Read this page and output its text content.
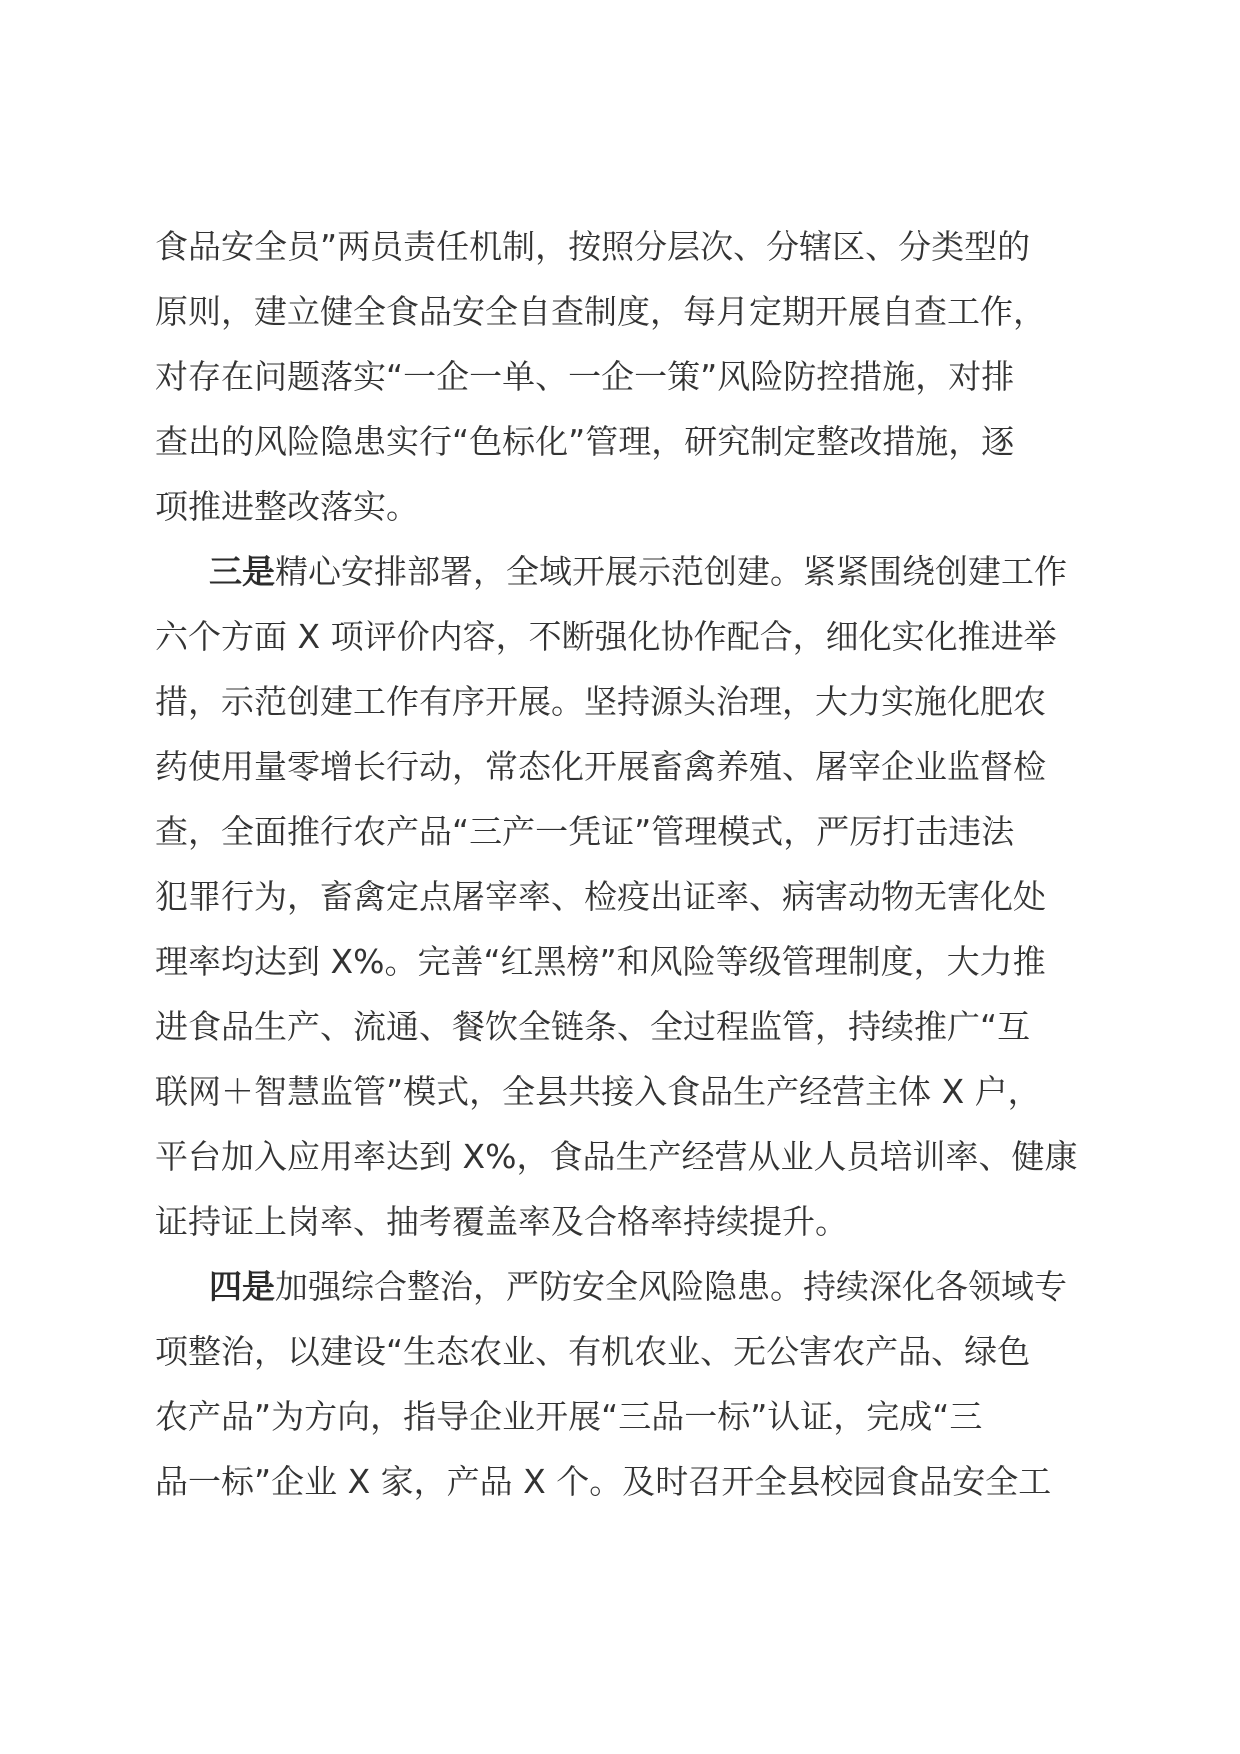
食品安全员”两员责任机制，按照分层次、分辖区、分类型的
原则，建立健全食品安全自查制度，每月定期开展自查工作，
对存在问题落实“一企一单、一企一策”风险防控措施，对排
查出的风险隐患实行“色标化”管理，研究制定整改措施，逐
项推进整改落实。
三是精心安排部署，全域开展示范创建。紧紧围绕创建工作
六个方面 X 项评价内容，不断强化协作配合，细化实化推进举
措，示范创建工作有序开展。坚持源头治理，大力实施化肥农
药使用量零增长行动，常态化开展畜禽养殖、屠宰企业监督检
查，全面推行农产品“三产一凭证”管理模式，严厉打击违法
犯罪行为，畜禽定点屠宰率、检疫出证率、病害动物无害化处
理率均达到 X%。完善“红黑榜”和风险等级管理制度，大力推
进食品生产、流通、餐饮全链条、全过程监管，持续推广“互
联网＋智慧监管”模式，全县共接入食品生产经营主体 X 户，
平台加入应用率达到 X%，食品生产经营从业人员培训率、健康
证持证上岗率、抽考覆盖率及合格率持续提升。
四是加强综合整治，严防安全风险隐患。持续深化各领域专
项整治，以建设“生态农业、有机农业、无公害农产品、绿色
农产品”为方向，指导企业开展“三品一标”认证，完成“三
品一标”企业 X 家，产品 X 个。及时召开全县校园食品安全工
